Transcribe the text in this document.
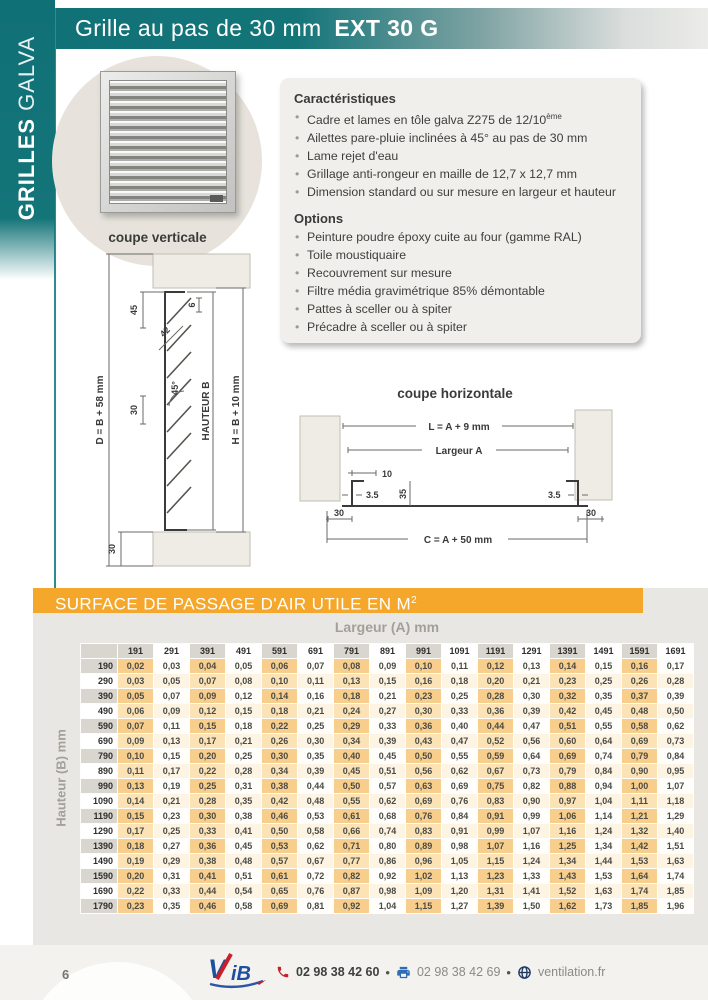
Grille au pas de 30 mm EXT 30 G
GRILLESGALVA
coupe verticale
Caractéristiques
• Cadre et lames en tôle galva Z275 de 12/10ème
• Ailettes pare-pluie inclinées à 45° au pas de 30 mm
• Lame rejet d'eau
• Grillage anti-rongeur en maille de 12,7 x 12,7 mm
• Dimension standard ou sur mesure en largeur et hauteur
Options
• Peinture poudre époxy cuite au four (gamme RAL)
• Toile moustiquaire
• Recouvrement sur mesure
• Filtre média gravimétrique 85% démontable
• Pattes à sceller ou à spiter
• Précadre à sceller ou à spiter
D = B + 58 mm
45
30
30
6
42
45° HAUTEUR B H = B + 10 mm	coupe horizontale
L = A + 9 mm
Largeur A
10
35
3.5	3.5
30	30
C = A + 50 mm
SURFACE DE PASSAGE D'AIR UTILE EN $M^2$
Largeur (A) mm
Hauteur (B) mm
	191	291	391	491	591	691	791	891	991	1091	1191	1291	1391	1491	1591	1691
190	0,02	0,03	0,04	0,05	0,06	0,07	0,08	0,09	0,10	0,11	0,12	0,13	0,14	0,15	0,16	0,17
290	0,03	0,05	0,07	0,08	0,10	0,11	0,13	0,15	0,16	0,18	0,20	0,21	0,23	0,25	0,26	0,28
390	0,05	0,07	0,09	0,12	0,14	0,16	0,18	0,21	0,23	0,25	0,28	0,30	0,32	0,35	0,37	0,39
490	0,06	0,09	0,12	0,15	0,18	0,21	0,24	0,27	0,30	0,33	0,36	0,39	0,42	0,45	0,48	0,50
590	0,07	0,11	0,15	0,18	0,22	0,25	0,29	0,33	0,36	0,40	0,44	0,47	0,51	0,55	0,58	0,62
690	0,09	0,13	0,17	0,21	0,26	0,30	0,34	0,39	0,43	0,47	0,52	0,56	0,60	0,64	0,69	0,73
790	0,10	0,15	0,20	0,25	0,30	0,35	0,40	0,45	0,50	0,55	0,59	0,64	0,69	0,74	0,79	0,84
890	0,11	0,17	0,22	0,28	0,34	0,39	0,45	0,51	0,56	0,62	0,67	0,73	0,79	0,84	0,90	0,95
990	0,13	0,19	0,25	0,31	0,38	0,44	0,50	0,57	0,63	0,69	0,75	0,82	0,88	0,94	1,00	1,07
1090	0,14	0,21	0,28	0,35	0,42	0,48	0,55	0,62	0,69	0,76	0,83	0,90	0,97	1,04	1,11	1,18
1190	0,15	0,23	0,30	0,38	0,46	0,53	0,61	0,68	0,76	0,84	0,91	0,99	1,06	1,14	1,21	1,29
1290	0,17	0,25	0,33	0,41	0,50	0,58	0,66	0,74	0,83	0,91	0,99	1,07	1,16	1,24	1,32	1,40
1390	0,18	0,27	0,36	0,45	0,53	0,62	0,71	0,80	0,89	0,98	1,07	1,16	1,25	1,34	1,42	1,51
1490	0,19	0,29	0,38	0,48	0,57	0,67	0,77	0,86	0,96	1,05	1,15	1,24	1,34	1,44	1,53	1,63
1590	0,20	0,31	0,41	0,51	0,61	0,72	0,82	0,92	1,02	1,13	1,23	1,33	1,43	1,53	1,64	1,74
1690	0,22	0,33	0,44	0,54	0,65	0,76	0,87	0,98	1,09	1,20	1,31	1,41	1,52	1,63	1,74	1,85
1790	0,23	0,35	0,46	0,58	0,69	0,81	0,92	1,04	1,15	1,27	1,39	1,50	1,62	1,73	1,85	1,96
6	V iB	02 98 38 42 60 • 02 98 38 42 69 • ventilation.fr
